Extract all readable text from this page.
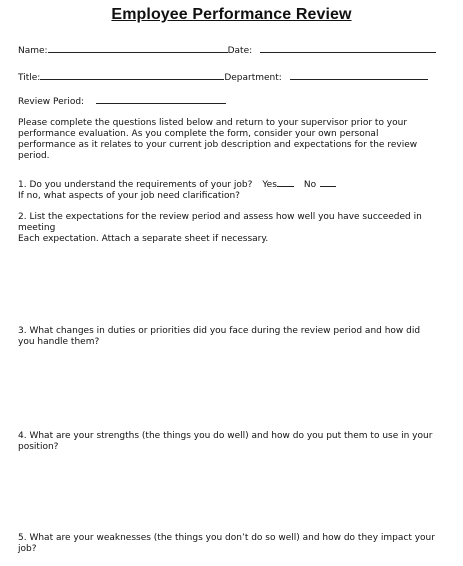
Employee Performance Review
Name:	Date:
Title:	Department:
Review Period:
Please complete the questions listed below and return to your supervisor prior to your
performance evaluation. As you complete the form, consider your own personal
performance as it relates to your current job description and expectations for the review
period.
1. Do you understand the requirements of your job? Yes	No
If no, what aspects of your job need clarification?
2. List the expectations for the review period and assess how well you have succeeded in
meeting
Each expectation. Attach a separate sheet if necessary.
3. What changes in duties or priorities did you face during the review period and how did
you handle them?
4. What are your strengths (the things you do well) and how do you put them to use in your
position?
5. What are your weaknesses (the things you don’t do so well) and how do they impact your
job?
